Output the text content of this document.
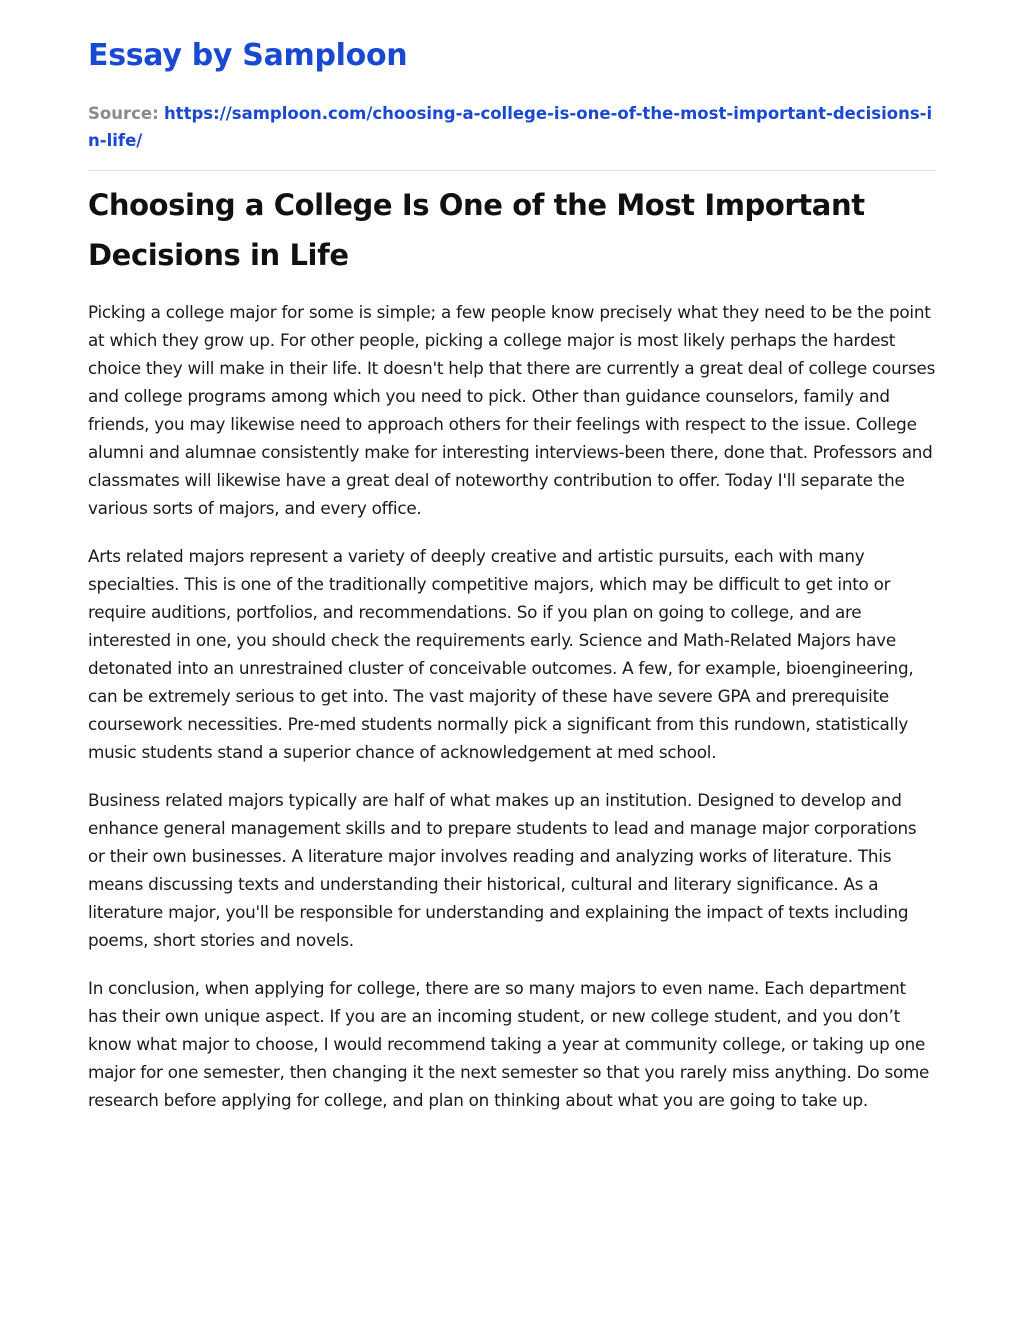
Essay by Samploon
Source: https://samploon.com/choosing-a-college-is-one-of-the-most-important-decisions-in-life/
Choosing a College Is One of the Most Important Decisions in Life

Picking a college major for some is simple; a few people know precisely what they need to be the point at which they grow up. For other people, picking a college major is most likely perhaps the hardest choice they will make in their life. It doesn't help that there are currently a great deal of college courses and college programs among which you need to pick. Other than guidance counselors, family and friends, you may likewise need to approach others for their feelings with respect to the issue. College alumni and alumnae consistently make for interesting interviews-been there, done that. Professors and classmates will likewise have a great deal of noteworthy contribution to offer. Today I'll separate the various sorts of majors, and every office.

Arts related majors represent a variety of deeply creative and artistic pursuits, each with many specialties. This is one of the traditionally competitive majors, which may be difficult to get into or require auditions, portfolios, and recommendations. So if you plan on going to college, and are interested in one, you should check the requirements early. Science and Math-Related Majors have detonated into an unrestrained cluster of conceivable outcomes. A few, for example, bioengineering, can be extremely serious to get into. The vast majority of these have severe GPA and prerequisite coursework necessities. Pre-med students normally pick a significant from this rundown, statistically music students stand a superior chance of acknowledgement at med school.

Business related majors typically are half of what makes up an institution. Designed to develop and enhance general management skills and to prepare students to lead and manage major corporations or their own businesses. A literature major involves reading and analyzing works of literature. This means discussing texts and understanding their historical, cultural and literary significance. As a literature major, you'll be responsible for understanding and explaining the impact of texts including poems, short stories and novels.

In conclusion, when applying for college, there are so many majors to even name. Each department has their own unique aspect. If you are an incoming student, or new college student, and you don’t know what major to choose, I would recommend taking a year at community college, or taking up one major for one semester, then changing it the next semester so that you rarely miss anything. Do some research before applying for college, and plan on thinking about what you are going to take up.
